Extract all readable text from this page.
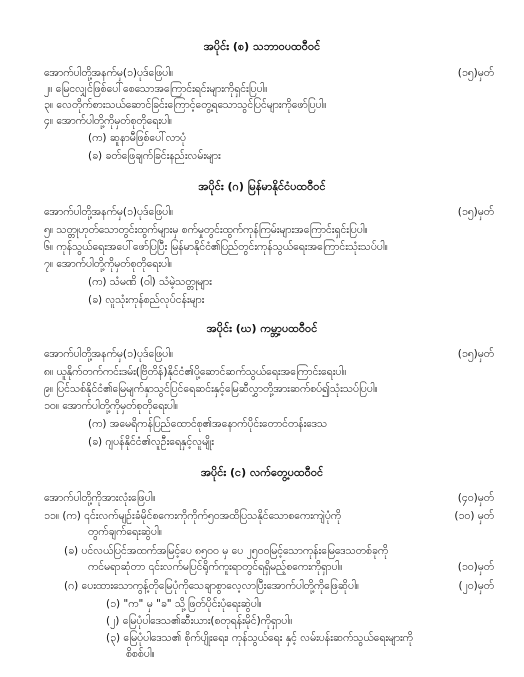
အပိုင်း (စ) သဘာဝပထဝီဝင်
အောက်ပါတို့အနက်မှ(၁)ပုဒ်ဖြေပါ။	(၁၅)မှတ်
၂။ မြေငလျှင်ဖြစ်ပေါ်စေသောအကြောင်းရင်းများကိုရှင်းပြပါ။
၃။ လေတိုက်စားသယ်ဆောင်ခြင်းကြောင့်တွေ့ရသောသွင်ပြင်များကိုဖော်ပြပါ။
၄။ အောက်ပါတို့ကိုမှတ်စုတိုရေးပါ။
(က) ဆူနာမီဖြစ်ပေါ်လာပုံ
(ခ) ခတ်ဖြေချက်ခြင်းနည်းလမ်းများ
အပိုင်း (ဂ) မြန်မာနိုင်ငံပထဝီဝင်
အောက်ပါတို့အနက်မှ(၁)ပုဒ်ဖြေပါ။	(၁၅)မှတ်
၅။ သတ္တုဟုတ်သောတွင်းထွက်များမှ စက်မှုတွင်းထွက်ကုန်ကြမ်းများအကြောင်းရှင်းပြပါ။
၆။ ကုန်သွယ်ရေးအပေါ်ဖော်ပြပြီး မြန်မာနိုင်ငံ၏ပြည်တွင်းကုန်သွယ်ရေးအကြောင်းသုံးသပ်ပါ။
၇။ အောက်ပါတို့ကိုမှတ်စုတိုရေးပါ။
(က) သံမဏိ (ဝါ) သံမဲ့သတ္တုများ
(ခ) လူသုံးကုန်စည်လုပ်ငန်းများ
အပိုင်း (ဃ) ကမ္ဘာ့ပထဝီဝင်
အောက်ပါတို့အနက်မှ(၁)ပုဒ်ဖြေပါ။	(၁၅)မှတ်
၈။ ယူနိုက်တက်ကင်းဒမ်း(ဗြိတိန်)နိုင်ငံ၏ပို့ဆောင်ဆက်သွယ်ရေးအကြောင်းရေးပါ။
၉။ ပြင်သစ်နိုင်ငံ၏မြေမျက်နှာသွင်ပြင်ရေဆင်းနှင့်မြေဆီလွှာတို့အားဆက်စပ်၍သုံးသပ်ပြပါ။
၁၀။ အောက်ပါတို့ကိုမှတ်စုတိုရေးပါ။
(က) အမေရိကန်ပြည်ထောင်စု၏အနောက်ပိုင်းတောင်တန်းဒေသ
(ခ) ဂျပန်နိုင်ငံ၏လူဦးရေနှင့်လူမျိုး
အပိုင်း (င) လက်တွေ့ပထဝီဝင်
အောက်ပါတို့ကိုအားလုံးဖြေပါ။	(၄၀)မှတ်
၁၁။ (က) ၎င်းလက်မျဉ်းခံမိုင်စကေးကိုကိုက်၅၀အထိပြသနိုင်သောစကေးကျဲပုံကို	(၁၀) မှတ်
တွက်ချက်ရေးဆွဲပါ။
(ခ) ပင်လယ်ပြင်အထက်အမြင့်ပေ ၈၅၀၀ မှ ပေ ၂၅၀၀မြင့်သောကုန်းမြေဒေသတစ်ခုကို
ကင်မရာဆုံတာ ၎င်းလက်မပြင်ရိုက်ကူးရာတွင်ရရှိမည့်စကေးကိုရှာပါ။	(၁၀)မှတ်
(ဂ) ပေးထားသောကွန့်တိုမြေပုံကိုသေချာစွာလေ့လာပြီးအောက်ပါတို့ကိုဖြေဆိုပါ။	(၂၀)မှတ်
(၁) "က" မှ "ခ" သို့ဖြတ်ပိုင်းပုံရေးဆွဲပါ။
(၂) မြေပုံပါဒေသ၏ဆီးယား(စတုရန်းမိုင်)ကိုရှာပါ။
(၃) မြေပုံပါဒေသ၏ စိုက်ပျိုးရေး၊ ကုန်သွယ်ရေး နှင့် လမ်းပန်းဆက်သွယ်ရေးများကို
စိစစ်ပါ။
